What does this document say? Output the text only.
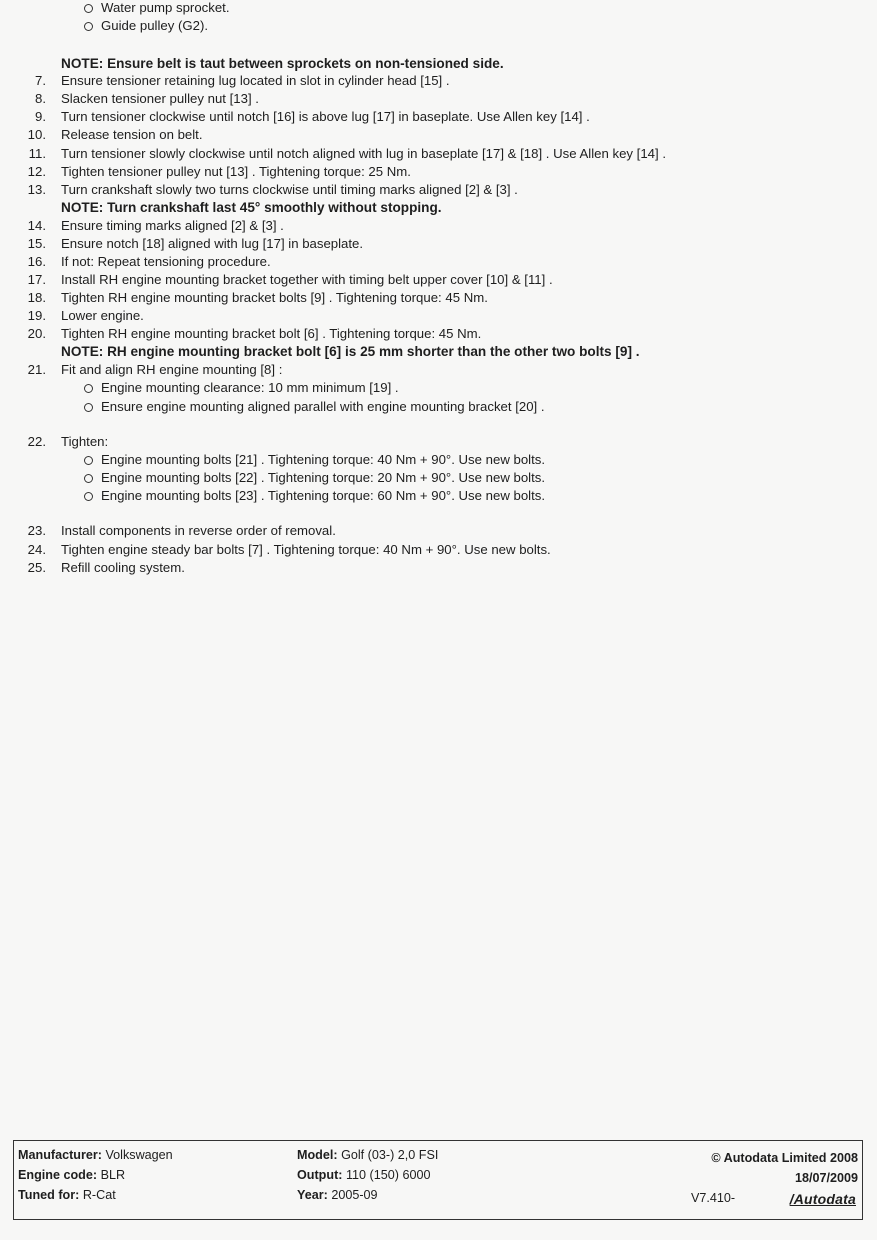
Water pump sprocket.
Guide pulley (G2).
NOTE: Ensure belt is taut between sprockets on non-tensioned side.
7. Ensure tensioner retaining lug located in slot in cylinder head [15] .
8. Slacken tensioner pulley nut [13] .
9. Turn tensioner clockwise until notch [16] is above lug [17] in baseplate. Use Allen key [14] .
10. Release tension on belt.
11. Turn tensioner slowly clockwise until notch aligned with lug in baseplate [17] & [18] . Use Allen key [14] .
12. Tighten tensioner pulley nut [13] . Tightening torque: 25 Nm.
13. Turn crankshaft slowly two turns clockwise until timing marks aligned [2] & [3] .
NOTE: Turn crankshaft last 45° smoothly without stopping.
14. Ensure timing marks aligned [2] & [3] .
15. Ensure notch [18] aligned with lug [17] in baseplate.
16. If not: Repeat tensioning procedure.
17. Install RH engine mounting bracket together with timing belt upper cover [10] & [11] .
18. Tighten RH engine mounting bracket bolts [9] . Tightening torque: 45 Nm.
19. Lower engine.
20. Tighten RH engine mounting bracket bolt [6] . Tightening torque: 45 Nm.
NOTE: RH engine mounting bracket bolt [6] is 25 mm shorter than the other two bolts [9] .
21. Fit and align RH engine mounting [8] :
Engine mounting clearance: 10 mm minimum [19] .
Ensure engine mounting aligned parallel with engine mounting bracket [20] .
22. Tighten:
Engine mounting bolts [21] . Tightening torque: 40 Nm + 90°. Use new bolts.
Engine mounting bolts [22] . Tightening torque: 20 Nm + 90°. Use new bolts.
Engine mounting bolts [23] . Tightening torque: 60 Nm + 90°. Use new bolts.
23. Install components in reverse order of removal.
24. Tighten engine steady bar bolts [7] . Tightening torque: 40 Nm + 90°. Use new bolts.
25. Refill cooling system.
Manufacturer: Volkswagen
Engine code: BLR
Tuned for: R-Cat
Model: Golf (03-) 2,0 FSI
Output: 110 (150) 6000
Year: 2005-09
© Autodata Limited 2008
18/07/2009
V7.410-	/Autodata
